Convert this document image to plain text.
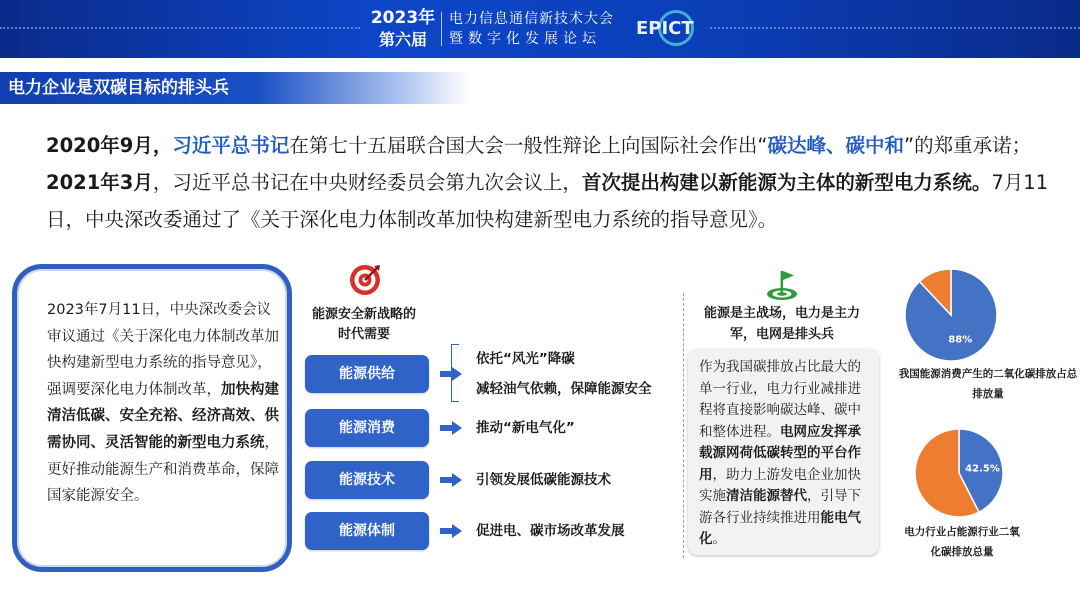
2023年
第六届
电力信息通信新技术大会
暨数字化发展论坛 EPICT
电力企业是双碳目标的排头兵
2020年9月，习近平总书记在第七十五届联合国大会一般性辩论上向国际社会作出“碳达峰、碳中和”的郑重承诺；2021年3月，习近平总书记在中央财经委员会第九次会议上，首次提出构建以新能源为主体的新型电力系统。7月11日，中央深改委通过了《关于深化电力体制改革加快构建新型电力系统的指导意见》。
2023年7月11日，中央深改委会议审议通过《关于深化电力体制改革加快构建新型电力系统的指导意见》，强调要深化电力体制改革，加快构建清洁低碳、安全充裕、经济高效、供需协同、灵活智能的新型电力系统，更好推动能源生产和消费革命，保障国家能源安全。
能源安全新战略的时代需要
能源供给
能源消费
能源技术
能源体制
依托“风光”降碳
减轻油气依赖，保障能源安全
推动“新电气化”
引领发展低碳能源技术
促进电、碳市场改革发展
能源是主战场，电力是主力军，电网是排头兵
作为我国碳排放占比最大的单一行业，电力行业减排进程将直接影响碳达峰、碳中和整体进程。电网应发挥承载源网荷低碳转型的平台作用，助力上游发电企业加快实施清洁能源替代，引导下游各行业持续推进用能电气化。
88%
我国能源消费产生的二氧化碳排放占总排放量
42.5%
电力行业占能源行业二氧化碳排放总量
